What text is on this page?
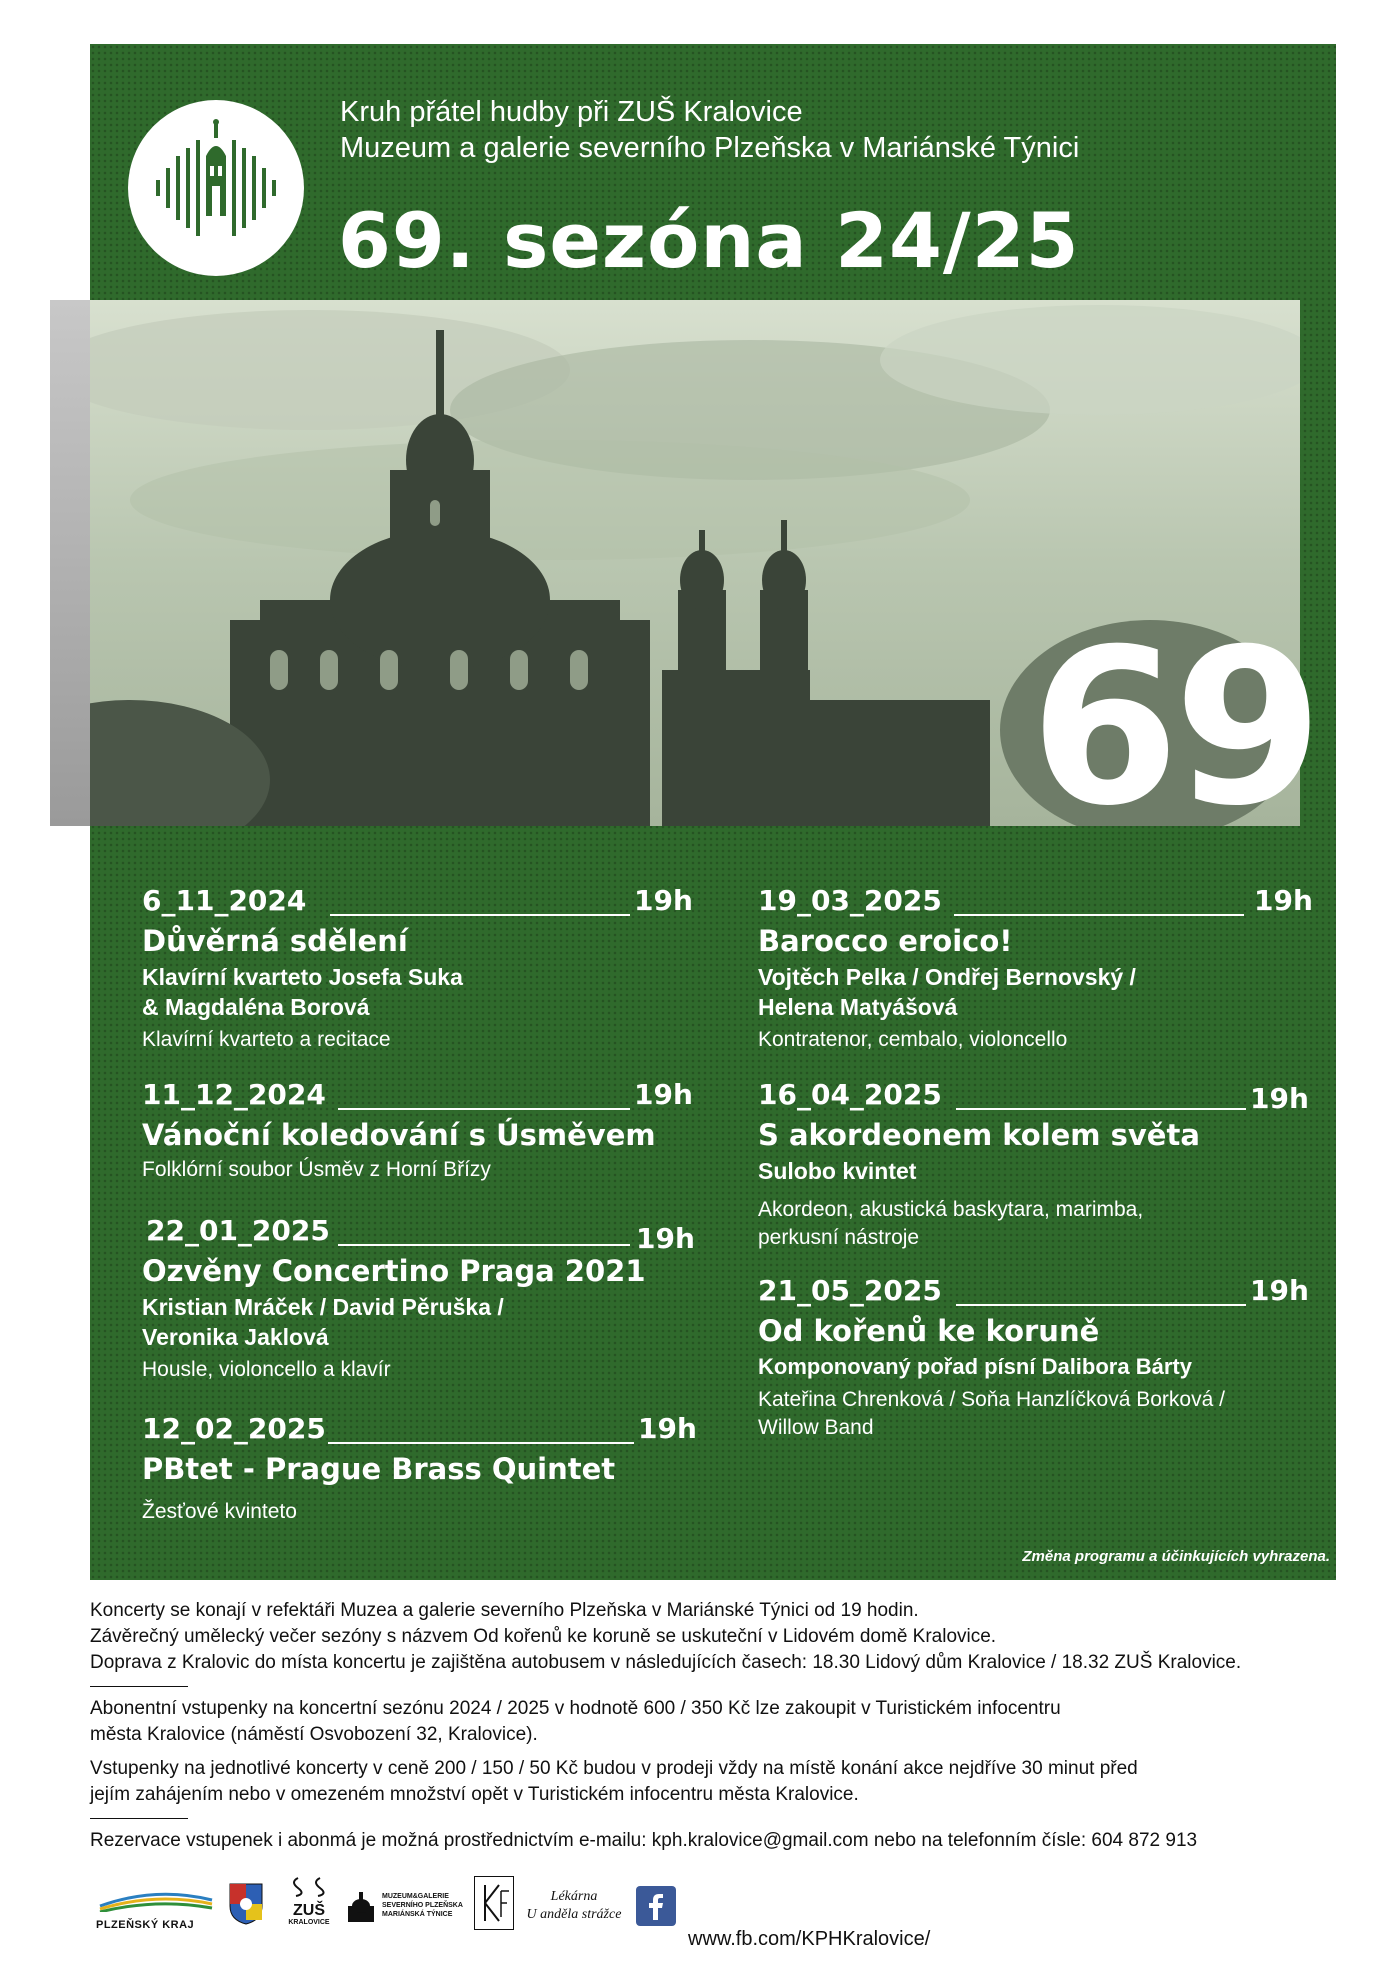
Kruh přátel hudby při ZUŠ Kralovice
Muzeum a galerie severního Plzeňska v Mariánské Týnici
69. sezóna 24/25
69
6_11_2024	19h
Důvěrná sdělení
Klavírní kvarteto Josefa Suka
& Magdaléna Borová
Klavírní kvarteto a recitace
11_12_2024	19h
Vánoční koledování s Úsměvem
Folklórní soubor Úsměv z Horní Břízy
22_01_2025	19h
Ozvěny Concertino Praga 2021
Kristian Mráček / David Pěruška /
Veronika Jaklová
Housle, violoncello a klavír
12_02_2025	19h
PBtet - Prague Brass Quintet
Žesťové kvinteto
19_03_2025	19h
Barocco eroico!
Vojtěch Pelka / Ondřej Bernovský /
Helena Matyášová
Kontratenor, cembalo, violoncello
16_04_2025	19h
S akordeonem kolem světa
Sulobo kvintet
Akordeon, akustická baskytara, marimba,
perkusní nástroje
21_05_2025	19h
Od kořenů ke koruně
Komponovaný pořad písní Dalibora Bárty
Kateřina Chrenková / Soňa Hanzlíčková Borková /
Willow Band
Změna programu a účinkujících vyhrazena.
Koncerty se konají v refektáři Muzea a galerie severního Plzeňska v Mariánské Týnici od 19 hodin.
Závěrečný umělecký večer sezóny s názvem Od kořenů ke koruně se uskuteční v Lidovém domě Kralovice.
Doprava z Kralovic do místa koncertu je zajištěna autobusem v následujících časech: 18.30 Lidový dům Kralovice / 18.32 ZUŠ Kralovice.
Abonentní vstupenky na koncertní sezónu 2024 / 2025 v hodnotě 600 / 350 Kč lze zakoupit v Turistickém infocentru
města Kralovice (náměstí Osvobození 32, Kralovice).
Vstupenky na jednotlivé koncerty v ceně 200 / 150 / 50 Kč budou v prodeji vždy na místě konání akce nejdříve 30 minut před
jejím zahájením nebo v omezeném množství opět v Turistickém infocentru města Kralovice.
Rezervace vstupenek i abonmá je možná prostřednictvím e-mailu: kph.kralovice@gmail.com nebo na telefonním čísle: 604 872 913
PLZEŇSKÝ KRAJ
ZUŠ
KRALOVICE
MUZEUM&GALERIE
SEVERNÍHO PLZEŇSKA
MARIÁNSKÁ TÝNICE
Lékárna
U anděla strážce
www.fb.com/KPHKralovice/
